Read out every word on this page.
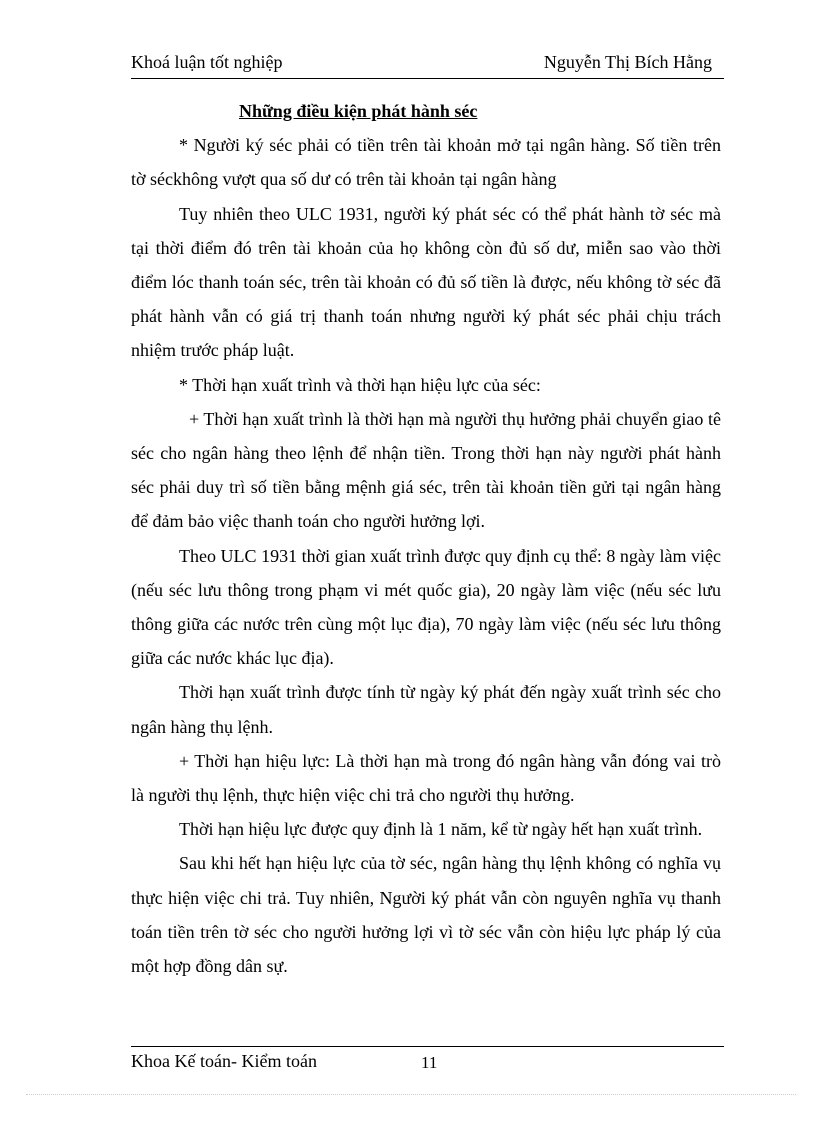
Khoá luận tốt nghiệp	Nguyễn Thị Bích Hằng

Những điều kiện phát hành séc

* Người ký séc phải có tiền trên tài khoản mở tại ngân hàng. Số tiền trên tờ séckhông vượt qua số dư có trên tài khoản tại ngân hàng

Tuy nhiên theo ULC 1931, người ký phát séc có thể phát hành tờ séc mà tại thời điểm đó trên tài khoản của họ không còn đủ số dư, miễn sao vào thời điểm lóc thanh toán séc, trên tài khoản có đủ số tiền là được, nếu không tờ séc đã phát hành vẫn có giá trị thanh toán nhưng người ký phát séc phải chịu trách nhiệm trước pháp luật.

* Thời hạn xuất trình và thời hạn hiệu lực của séc:

+ Thời hạn xuất trình là thời hạn mà người thụ hưởng phải chuyển giao tê séc cho ngân hàng theo lệnh để nhận tiền. Trong thời hạn này người phát hành séc phải duy trì số tiền bằng mệnh giá séc, trên tài khoản tiền gửi tại ngân hàng để đảm bảo việc thanh toán cho người hưởng lợi.

Theo ULC 1931 thời gian xuất trình được quy định cụ thể: 8 ngày làm việc (nếu séc lưu thông trong phạm vi mét quốc gia), 20 ngày làm việc (nếu séc lưu thông giữa các nước trên cùng một lục địa), 70 ngày làm việc (nếu séc lưu thông giữa các nước khác lục địa).

Thời hạn xuất trình được tính từ ngày ký phát đến ngày xuất trình séc cho ngân hàng thụ lệnh.

+ Thời hạn hiệu lực: Là thời hạn mà trong đó ngân hàng vẫn đóng vai trò là người thụ lệnh, thực hiện việc chi trả cho người thụ hưởng.

Thời hạn hiệu lực được quy định là 1 năm, kể từ ngày hết hạn xuất trình.

Sau khi hết hạn hiệu lực của tờ séc, ngân hàng thụ lệnh không có nghĩa vụ thực hiện việc chi trả. Tuy nhiên, Người ký phát vẫn còn nguyên nghĩa vụ thanh toán tiền trên tờ séc cho người hưởng lợi vì tờ séc vẫn còn hiệu lực pháp lý của một hợp đồng dân sự.

Khoa Kế toán- Kiểm toán	11
